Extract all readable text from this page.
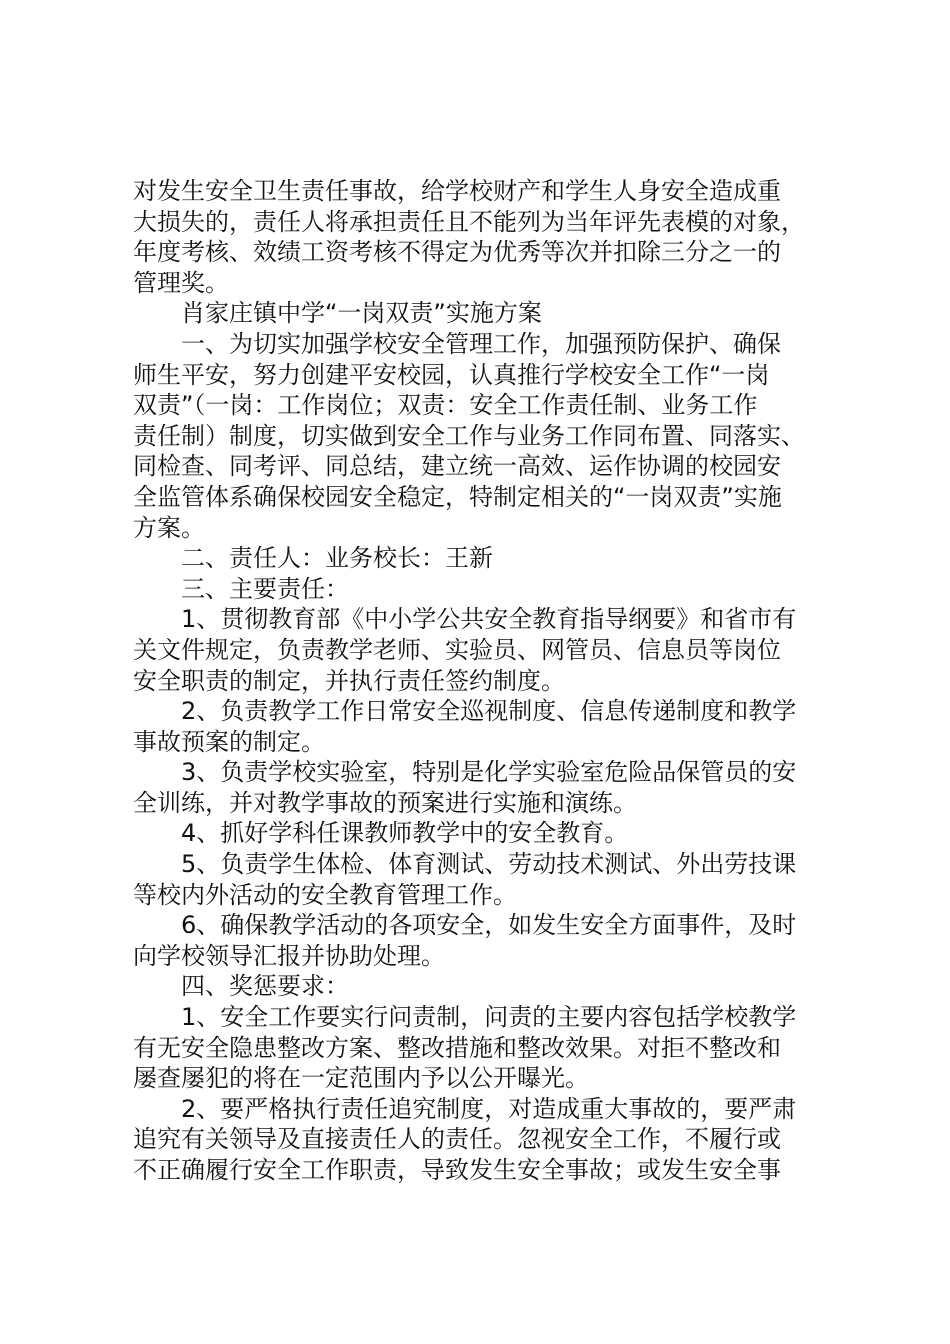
对发生安全卫生责任事故，给学校财产和学生人身安全造成重

大损失的，责任人将承担责任且不能列为当年评先表模的对象，

年度考核、效绩工资考核不得定为优秀等次并扣除三分之一的

管理奖。

　　肖家庄镇中学“一岗双责”实施方案

　　一、为切实加强学校安全管理工作，加强预防保护、确保

师生平安，努力创建平安校园，认真推行学校安全工作“一岗

双责”（一岗：工作岗位；双责：安全工作责任制、业务工作

责任制）制度，切实做到安全工作与业务工作同布置、同落实、

同检查、同考评、同总结，建立统一高效、运作协调的校园安

全监管体系确保校园安全稳定，特制定相关的“一岗双责”实施

方案。

　　二、责任人：业务校长：王新

　　三、主要责任：

　　1、贯彻教育部《中小学公共安全教育指导纲要》和省市有

关文件规定，负责教学老师、实验员、网管员、信息员等岗位

安全职责的制定，并执行责任签约制度。

　　2、负责教学工作日常安全巡视制度、信息传递制度和教学

事故预案的制定。

　　3、负责学校实验室，特别是化学实验室危险品保管员的安

全训练，并对教学事故的预案进行实施和演练。

　　4、抓好学科任课教师教学中的安全教育。

　　5、负责学生体检、体育测试、劳动技术测试、外出劳技课

等校内外活动的安全教育管理工作。

　　6、确保教学活动的各项安全，如发生安全方面事件，及时

向学校领导汇报并协助处理。

　　四、奖惩要求：

　　1、安全工作要实行问责制，问责的主要内容包括学校教学

有无安全隐患整改方案、整改措施和整改效果。对拒不整改和

屡查屡犯的将在一定范围内予以公开曝光。

　　2、要严格执行责任追究制度，对造成重大事故的，要严肃

追究有关领导及直接责任人的责任。忽视安全工作，不履行或

不正确履行安全工作职责，导致发生安全事故；或发生安全事
